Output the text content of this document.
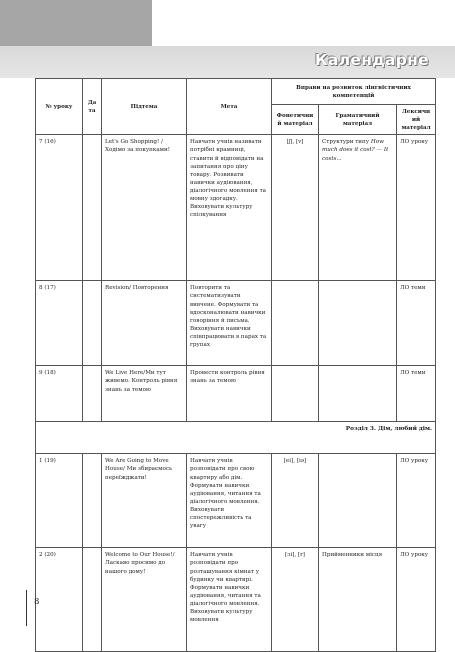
Календарне
№ уроку	Дата	Підтема	Мета	Вправи на розвиток лінгвістичних компетенцій		
				Фонетичний матеріал	Граматичний матеріал	Лексичний матеріал
7 (16)		Let's Go Shopping! /Ходімо за покупками!	Навчати учнів називати потрібні крамниці, ставити й відповідати на запитання про ціну товару. Розвивати навички аудіювання, діалогічного мовлення та мовну здогадку. Виховувати культуру спілкування	[ʃ], [v]	Структури типу How much does it cost? — It costs...	ЛО уроку
8 (17)		Revision/ Повторення	Повторити та систематизувати вивчене. Формувати та вдосконалювати навички говоріння й письма. Виховувати навички співпрацювати в парах та групах			ЛО теми
9 (18)		We Live Here/Ми тут живемо. Контроль рівня знань за темою	Провести контроль рівня знань за темою			ЛО теми
Розділ 3. Дім, любий дім.						
1 (19)		We Are Going to Move House/ Ми збираємось переїжджати!	Навчати учнів розповідати про свою квартиру або дім. Формувати навички аудіювання, читання та діалогічного мовлення. Виховувати спостережливість та увагу	[ei], [iə]		ЛО уроку
2 (20)		Welcome to Our House!/Ласкаво просимо до нашого дому!	Навчати учнів розповідати про розташування кімнат у будинку чи квартирі. Формувати навички аудіювання, читання та діалогічного мовлення. Виховувати культуру мовлення	[ɔi], [r]	Прийменники місця	ЛО уроку
8
